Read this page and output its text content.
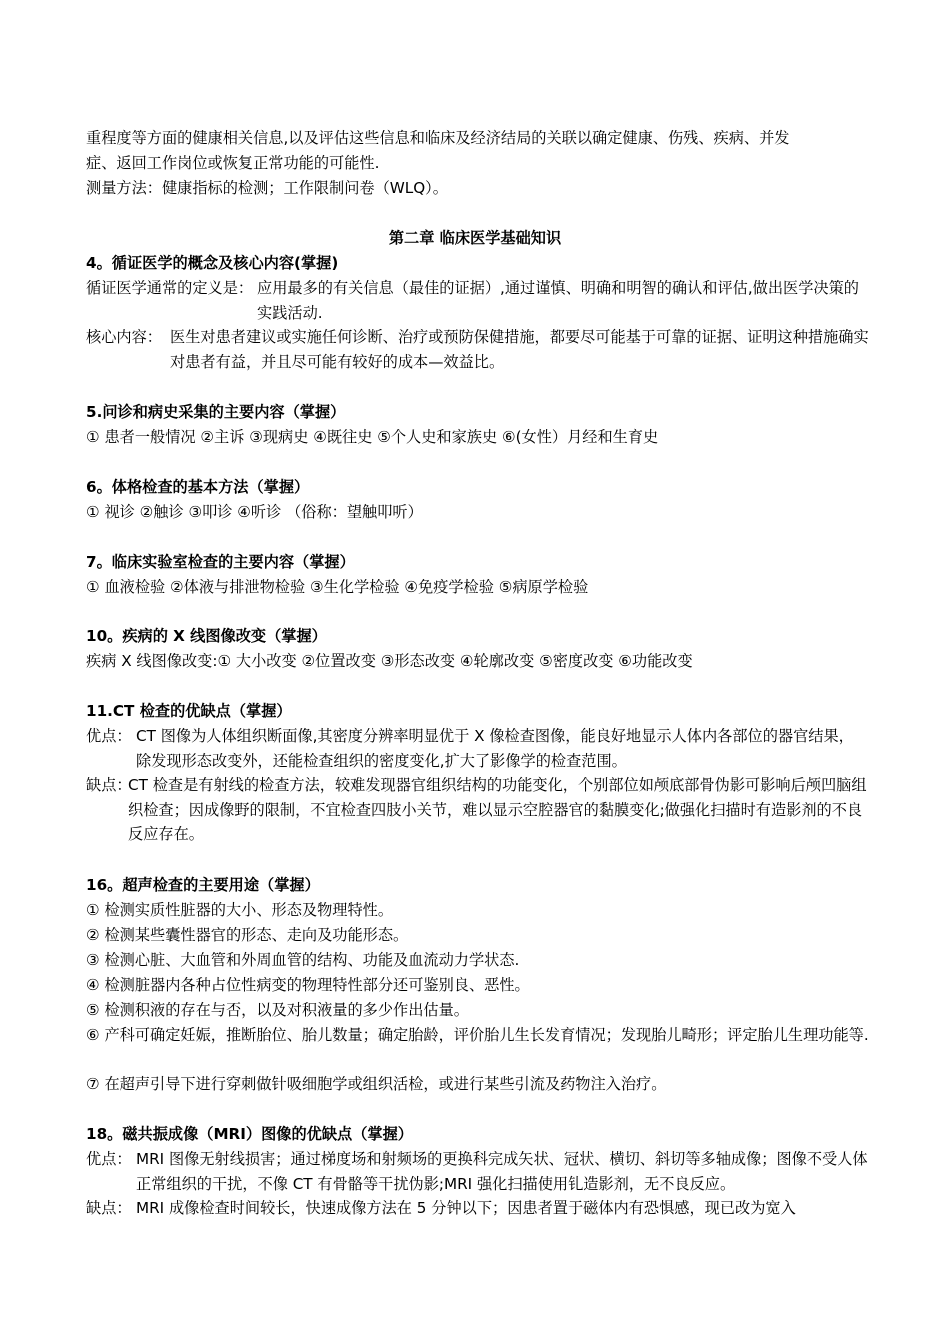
重程度等方面的健康相关信息,以及评估这些信息和临床及经济结局的关联以确定健康、伤残、疾病、并发

症、返回工作岗位或恢复正常功能的可能性.

测量方法：健康指标的检测；工作限制问卷（WLQ）。

第二章 临床医学基础知识

4。循证医学的概念及核心内容(掌握)

循证医学通常的定义是： 应用最多的有关信息（最佳的证据）,通过谨慎、明确和明智的确认和评估,做出医学决策的实践活动.
核心内容： 医生对患者建议或实施任何诊断、治疗或预防保健措施，都要尽可能基于可靠的证据、证明这种措施确实对患者有益，并且尽可能有较好的成本—效益比。

5.问诊和病史采集的主要内容（掌握）

① 患者一般情况 ②主诉 ③现病史 ④既往史 ⑤个人史和家族史 ⑥(女性）月经和生育史

6。体格检查的基本方法（掌握）

① 视诊 ②触诊 ③叩诊 ④听诊 （俗称：望触叩听）

7。临床实验室检查的主要内容（掌握）

① 血液检验 ②体液与排泄物检验 ③生化学检验 ④免疫学检验 ⑤病原学检验

10。疾病的 X 线图像改变（掌握）

疾病 X 线图像改变:① 大小改变 ②位置改变 ③形态改变 ④轮廓改变 ⑤密度改变 ⑥功能改变

11.CT 检查的优缺点（掌握）

优点： CT 图像为人体组织断面像,其密度分辨率明显优于 X 像检查图像，能良好地显示人体内各部位的器官结果，除发现形态改变外，还能检查组织的密度变化,扩大了影像学的检查范围。
缺点：
CT 检查是有射线的检查方法，较难发现器官组织结构的功能变化，个别部位如颅底部骨伪影可影响后颅凹脑组织检查；因成像野的限制，不宜检查四肢小关节，难以显示空腔器官的黏膜变化;做强化扫描时有造影剂的不良反应存在。

16。超声检查的主要用途（掌握）

① 检测实质性脏器的大小、形态及物理特性。

② 检测某些囊性器官的形态、走向及功能形态。

③ 检测心脏、大血管和外周血管的结构、功能及血流动力学状态.

④ 检测脏器内各种占位性病变的物理特性部分还可鉴别良、恶性。

⑤ 检测积液的存在与否，以及对积液量的多少作出估量。

⑥ 产科可确定妊娠，推断胎位、胎儿数量；确定胎龄，评价胎儿生长发育情况；发现胎儿畸形；评定胎儿生理功能等.

⑦ 在超声引导下进行穿刺做针吸细胞学或组织活检，或进行某些引流及药物注入治疗。

18。磁共振成像（MRI）图像的优缺点（掌握）

优点： MRI 图像无射线损害；通过梯度场和射频场的更换科完成矢状、冠状、横切、斜切等多轴成像；图像不受人体正常组织的干扰，不像 CT 有骨骼等干扰伪影;MRI 强化扫描使用钆造影剂，无不良反应。
缺点： MRI 成像检查时间较长，快速成像方法在 5 分钟以下；因患者置于磁体内有恐惧感，现已改为宽入
